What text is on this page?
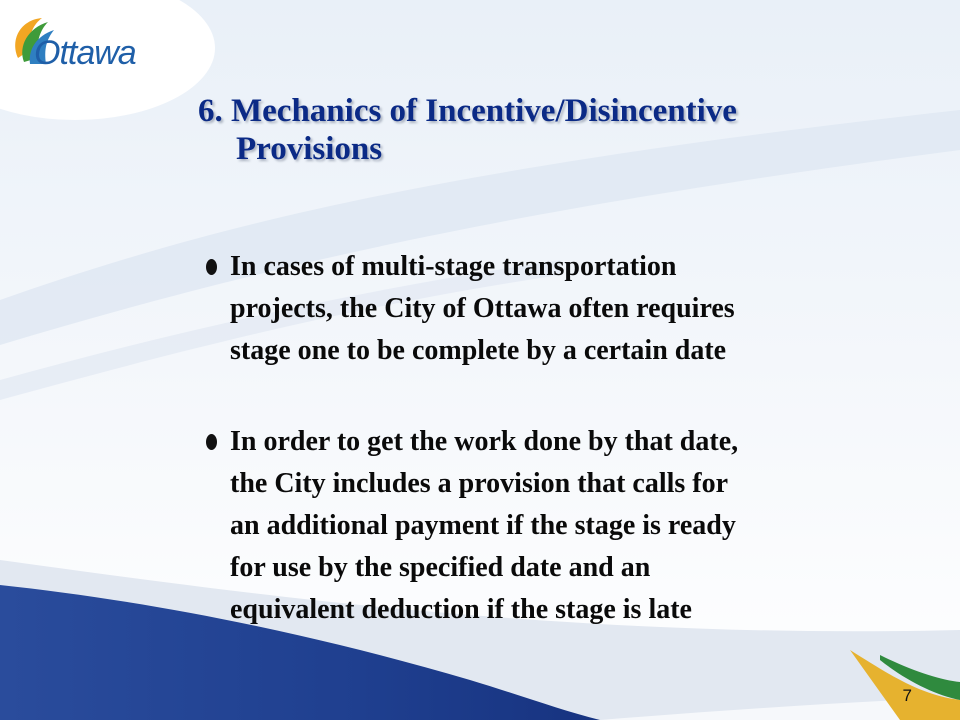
Ottawa
6. Mechanics of Incentive/Disincentive
Provisions
In cases of multi-stage transportation
projects, the City of Ottawa often requires
stage one to be complete by a certain date
In order to get the work done by that date,
the City includes a provision that calls for
an additional payment if the stage is ready
for use by the specified date and an
equivalent deduction if the stage is late
7
